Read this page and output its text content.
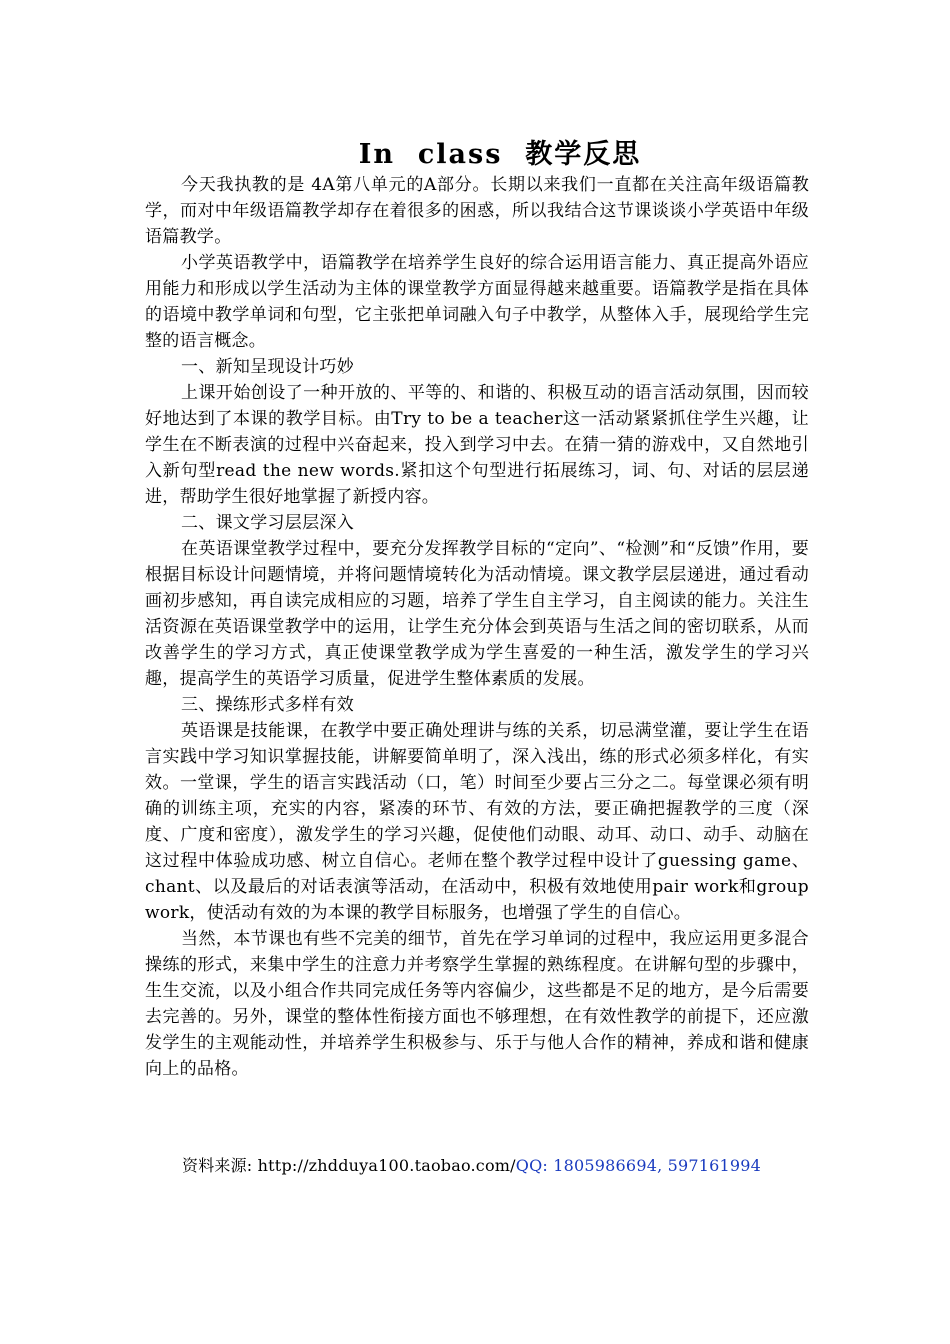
In  class  教学反思

今天我执教的是 4A第八单元的A部分。长期以来我们一直都在关注高年级语篇教学，而对中年级语篇教学却存在着很多的困惑，所以我结合这节课谈谈小学英语中年级语篇教学。

小学英语教学中，语篇教学在培养学生良好的综合运用语言能力、真正提高外语应用能力和形成以学生活动为主体的课堂教学方面显得越来越重要。语篇教学是指在具体的语境中教学单词和句型，它主张把单词融入句子中教学，从整体入手，展现给学生完整的语言概念。

一、新知呈现设计巧妙

上课开始创设了一种开放的、平等的、和谐的、积极互动的语言活动氛围，因而较好地达到了本课的教学目标。由Try to be a teacher这一活动紧紧抓住学生兴趣，让学生在不断表演的过程中兴奋起来，投入到学习中去。在猜一猜的游戏中，又自然地引入新句型read the new words.紧扣这个句型进行拓展练习，词、句、对话的层层递进，帮助学生很好地掌握了新授内容。

二、课文学习层层深入

在英语课堂教学过程中，要充分发挥教学目标的“定向”、“检测”和“反馈”作用，要根据目标设计问题情境，并将问题情境转化为活动情境。课文教学层层递进，通过看动画初步感知，再自读完成相应的习题，培养了学生自主学习，自主阅读的能力。关注生活资源在英语课堂教学中的运用，让学生充分体会到英语与生活之间的密切联系，从而改善学生的学习方式，真正使课堂教学成为学生喜爱的一种生活，激发学生的学习兴趣，提高学生的英语学习质量，促进学生整体素质的发展。

三、操练形式多样有效

英语课是技能课，在教学中要正确处理讲与练的关系，切忌满堂灌，要让学生在语言实践中学习知识掌握技能，讲解要简单明了，深入浅出，练的形式必须多样化，有实效。一堂课，学生的语言实践活动（口，笔）时间至少要占三分之二。每堂课必须有明确的训练主项，充实的内容，紧凑的环节、有效的方法，要正确把握教学的三度（深度、广度和密度），激发学生的学习兴趣，促使他们动眼、动耳、动口、动手、动脑在这过程中体验成功感、树立自信心。老师在整个教学过程中设计了guessing game、chant、以及最后的对话表演等活动，在活动中，积极有效地使用pair work和group work，使活动有效的为本课的教学目标服务，也增强了学生的自信心。

当然，本节课也有些不完美的细节，首先在学习单词的过程中，我应运用更多混合操练的形式，来集中学生的注意力并考察学生掌握的熟练程度。在讲解句型的步骤中，生生交流，以及小组合作共同完成任务等内容偏少，这些都是不足的地方，是今后需要去完善的。另外，课堂的整体性衔接方面也不够理想，在有效性教学的前提下，还应激发学生的主观能动性，并培养学生积极参与、乐于与他人合作的精神，养成和谐和健康向上的品格。

资料来源: http://zhdduya100.taobao.com/QQ: 1805986694, 597161994
